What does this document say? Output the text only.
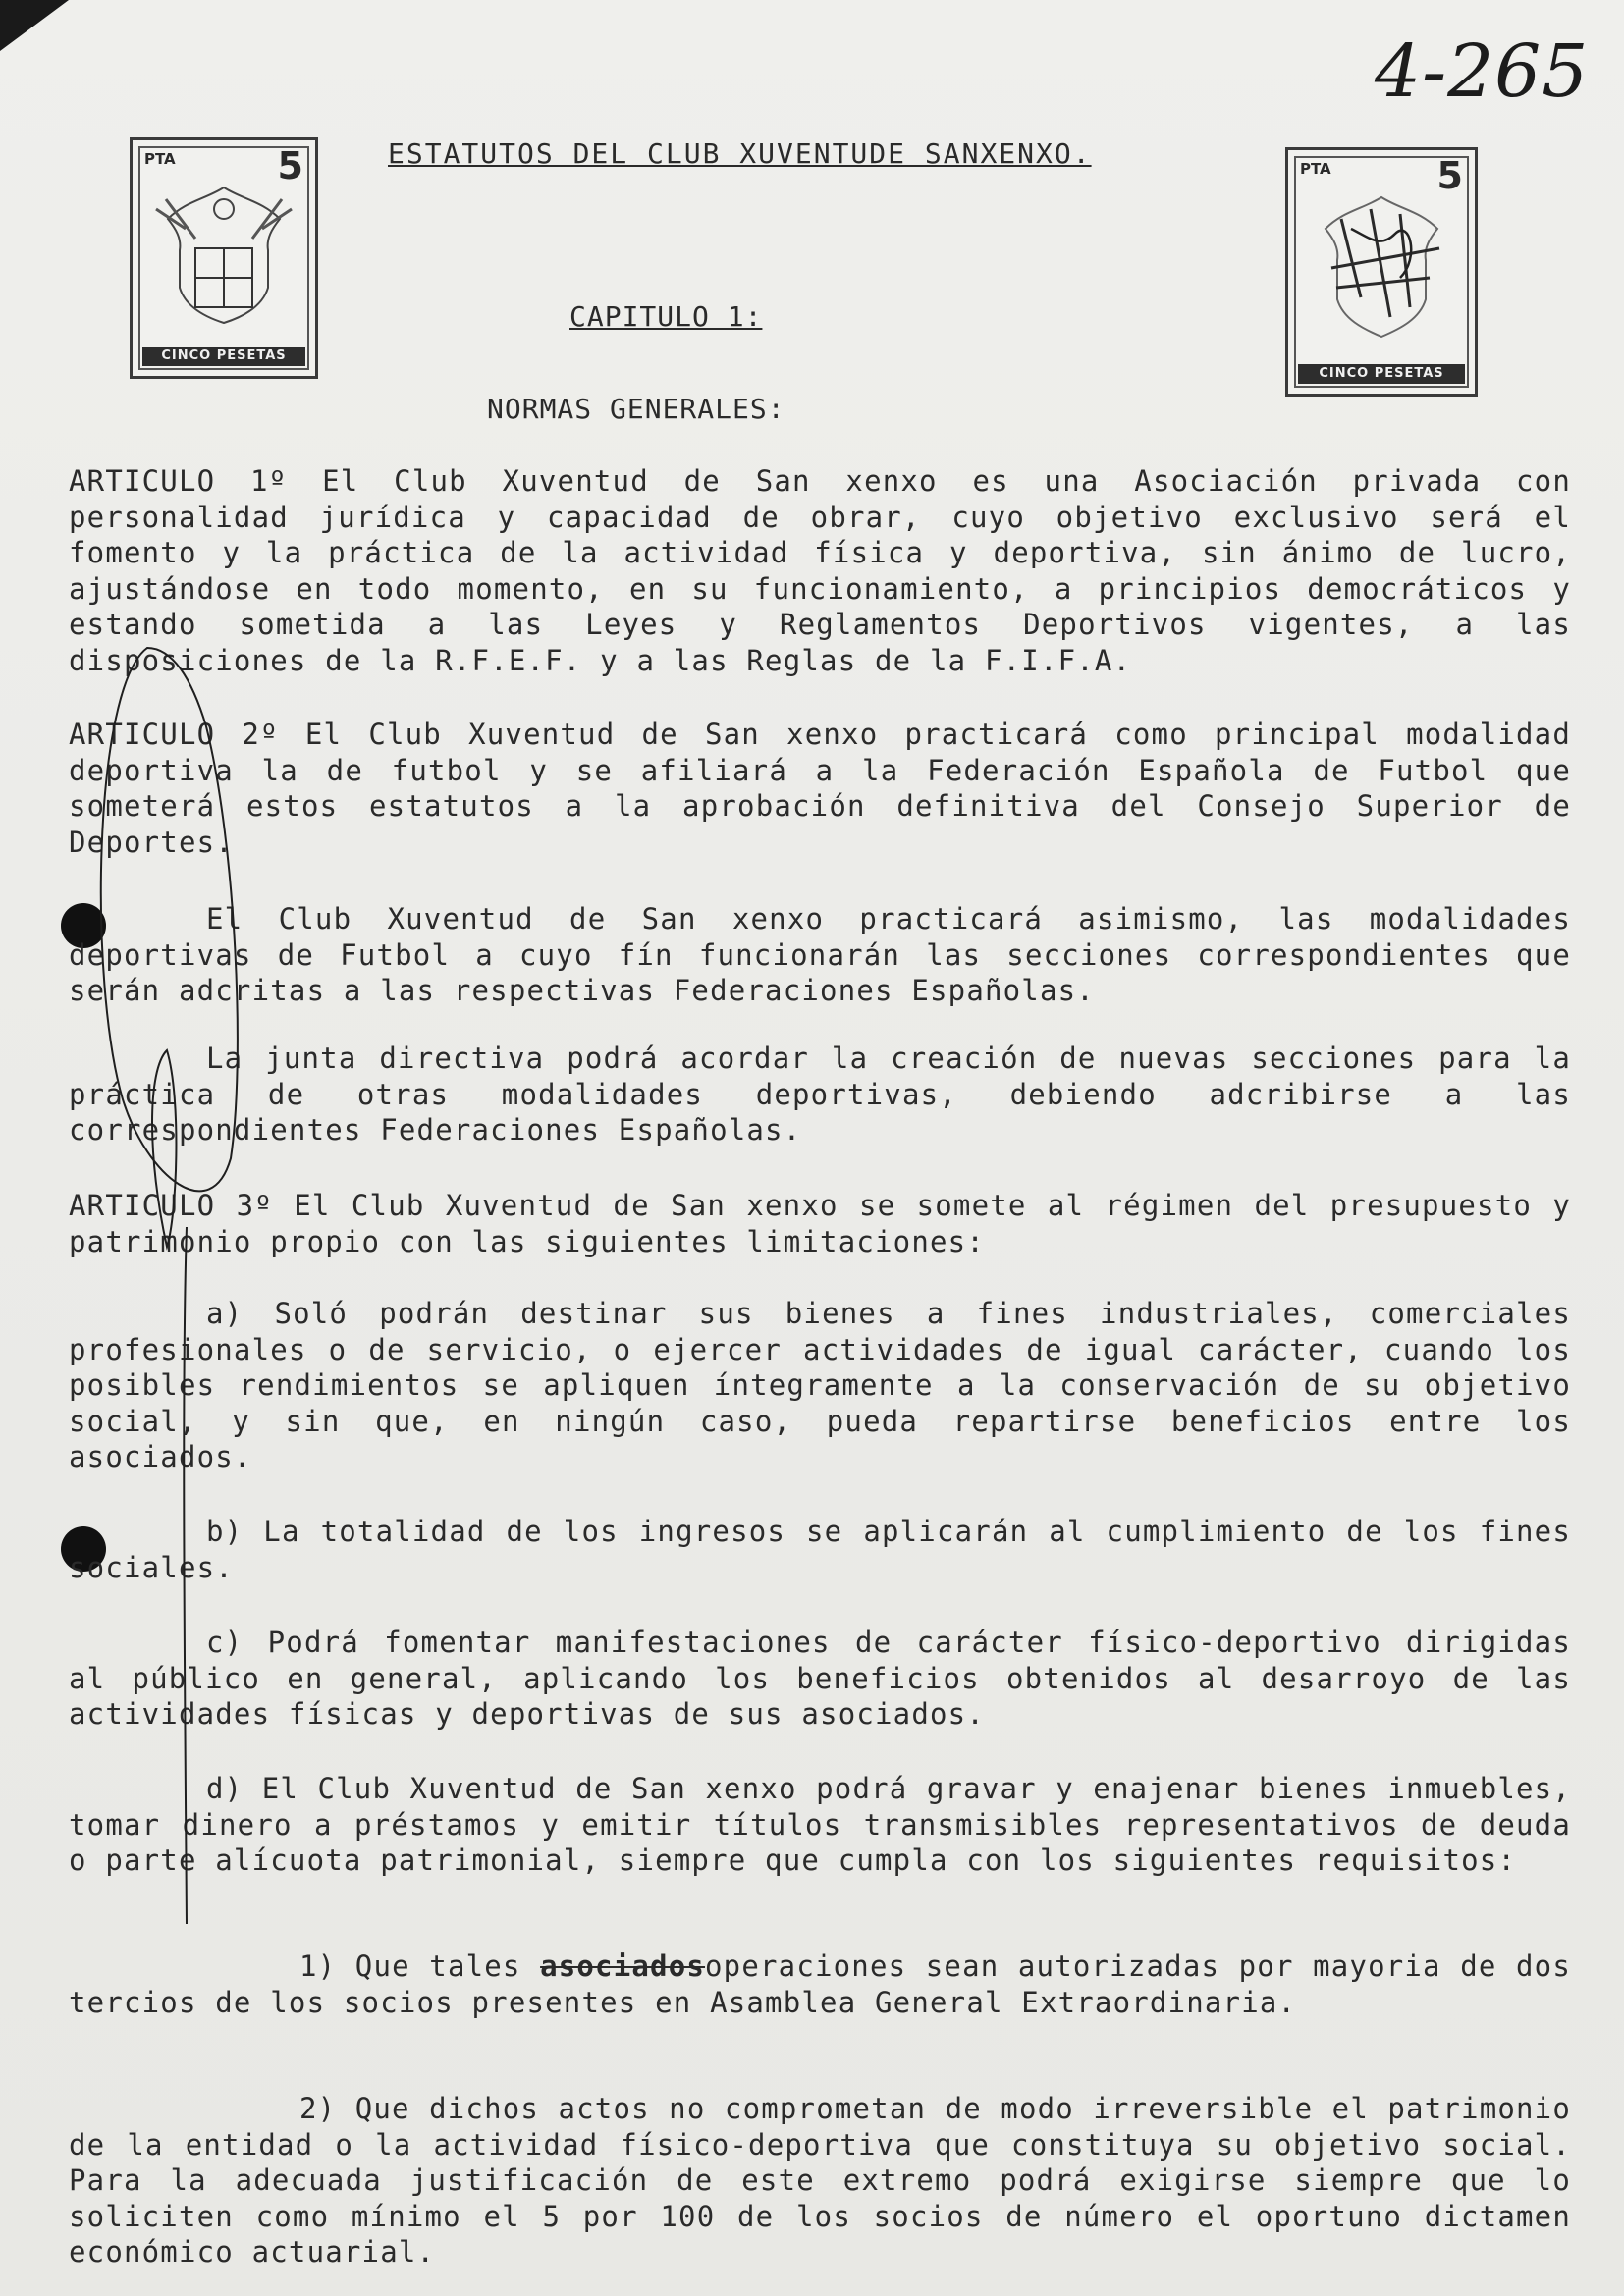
4-265
PTA	5
CINCO PESETAS
PTA	5
CINCO PESETAS
ESTATUTOS DEL CLUB XUVENTUDE SANXENXO.
CAPITULO 1:
NORMAS GENERALES:

ARTICULO 1º El Club Xuventud de San xenxo es una Asociación privada con personalidad jurídica y capacidad de obrar, cuyo objetivo exclusivo será el fomento y la práctica de la actividad física y deportiva, sin ánimo de lucro, ajustándose en todo momento, en su funcionamiento, a principios democráticos y estando sometida a las Leyes y Reglamentos Deportivos vigentes, a las disposiciones de la R.F.E.F. y a las Reglas de la F.I.F.A.

ARTICULO 2º El Club Xuventud de San xenxo practicará como principal modalidad deportiva la de futbol y se afiliará a la Federación Española de Futbol que someterá estos estatutos a la aprobación definitiva del Consejo Superior de Deportes.

El Club Xuventud de San xenxo practicará asimismo, las modalidades deportivas de Futbol a cuyo fín funcionarán las secciones correspondientes que serán adcritas a las respectivas Federaciones Españolas.

La junta directiva podrá acordar la creación de nuevas secciones para la práctica de otras modalidades deportivas, debiendo adcribirse a las correspondientes Federaciones Españolas.

ARTICULO 3º El Club Xuventud de San xenxo se somete al régimen del presupuesto y patrimonio propio con las siguientes limitaciones:

a) Soló podrán destinar sus bienes a fines industriales, comerciales profesionales o de servicio, o ejercer actividades de igual carácter, cuando los posibles rendimientos se apliquen íntegramente a la conservación de su objetivo social, y sin que, en ningún caso, pueda repartirse beneficios entre los asociados.

b) La totalidad de los ingresos se aplicarán al cumplimiento de los fines sociales.

c) Podrá fomentar manifestaciones de carácter físico-deportivo dirigidas al público en general, aplicando los beneficios obtenidos al desarroyo de las actividades físicas y deportivas de sus asociados.

d) El Club Xuventud de San xenxo podrá gravar y enajenar bienes inmuebles, tomar dinero a préstamos y emitir títulos transmisibles representativos de deuda o parte alícuota patrimonial, siempre que cumpla con los siguientes requisitos:

1) Que tales asociadosoperaciones sean autorizadas por mayoria de dos tercios de los socios presentes en Asamblea General Extraordinaria.

2) Que dichos actos no comprometan de modo irreversible el patrimonio de la entidad o la actividad físico-deportiva que constituya su objetivo social. Para la adecuada justificación de este extremo podrá exigirse siempre que lo soliciten como mínimo el 5 por 100 de los socios de número el oportuno dictamen económico actuarial.
